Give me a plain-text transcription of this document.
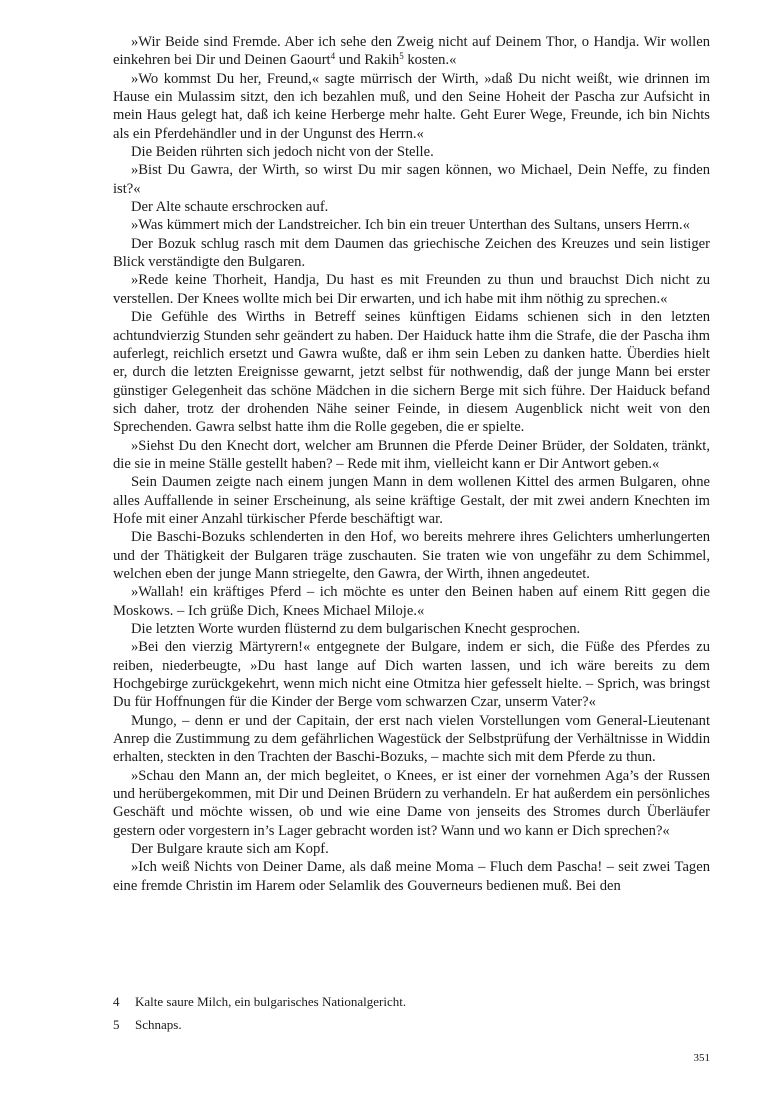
»Wir Beide sind Fremde. Aber ich sehe den Zweig nicht auf Deinem Thor, o Handja. Wir wollen einkehren bei Dir und Deinen Gaourt$^4$ und Rakih$^5$ kosten.«

»Wo kommst Du her, Freund,« sagte mürrisch der Wirth, »daß Du nicht weißt, wie drinnen im Hause ein Mulassim sitzt, den ich bezahlen muß, und den Seine Hoheit der Pascha zur Aufsicht in mein Haus gelegt hat, daß ich keine Herberge mehr halte. Geht Eurer Wege, Freunde, ich bin Nichts als ein Pferdehändler und in der Ungunst des Herrn.«

Die Beiden rührten sich jedoch nicht von der Stelle.

»Bist Du Gawra, der Wirth, so wirst Du mir sagen können, wo Michael, Dein Neffe, zu finden ist?«

Der Alte schaute erschrocken auf.

»Was kümmert mich der Landstreicher. Ich bin ein treuer Unterthan des Sultans, unsers Herrn.«

Der Bozuk schlug rasch mit dem Daumen das griechische Zeichen des Kreuzes und sein listiger Blick verständigte den Bulgaren.

»Rede keine Thorheit, Handja, Du hast es mit Freunden zu thun und brauchst Dich nicht zu verstellen. Der Knees wollte mich bei Dir erwarten, und ich habe mit ihm nöthig zu sprechen.«

Die Gefühle des Wirths in Betreff seines künftigen Eidams schienen sich in den letzten achtundvierzig Stunden sehr geändert zu haben. Der Haiduck hatte ihm die Strafe, die der Pascha ihm auferlegt, reichlich ersetzt und Gawra wußte, daß er ihm sein Leben zu danken hatte. Überdies hielt er, durch die letzten Ereignisse gewarnt, jetzt selbst für nothwendig, daß der junge Mann bei erster günstiger Gelegenheit das schöne Mädchen in die sichern Berge mit sich führe. Der Haiduck befand sich daher, trotz der drohenden Nähe seiner Feinde, in diesem Augenblick nicht weit von den Sprechenden. Gawra selbst hatte ihm die Rolle gegeben, die er spielte.

»Siehst Du den Knecht dort, welcher am Brunnen die Pferde Deiner Brüder, der Soldaten, tränkt, die sie in meine Ställe gestellt haben? – Rede mit ihm, vielleicht kann er Dir Antwort geben.«

Sein Daumen zeigte nach einem jungen Mann in dem wollenen Kittel des armen Bulgaren, ohne alles Auffallende in seiner Erscheinung, als seine kräftige Gestalt, der mit zwei andern Knechten im Hofe mit einer Anzahl türkischer Pferde beschäftigt war.

Die Baschi-Bozuks schlenderten in den Hof, wo bereits mehrere ihres Gelichters umherlungerten und der Thätigkeit der Bulgaren träge zuschauten. Sie traten wie von ungefähr zu dem Schimmel, welchen eben der junge Mann striegelte, den Gawra, der Wirth, ihnen angedeutet.

»Wallah! ein kräftiges Pferd – ich möchte es unter den Beinen haben auf einem Ritt gegen die Moskows. – Ich grüße Dich, Knees Michael Miloje.«

Die letzten Worte wurden flüsternd zu dem bulgarischen Knecht gesprochen.

»Bei den vierzig Märtyrern!« entgegnete der Bulgare, indem er sich, die Füße des Pferdes zu reiben, niederbeugte, »Du hast lange auf Dich warten lassen, und ich wäre bereits zu dem Hochgebirge zurückgekehrt, wenn mich nicht eine Otmitza hier gefesselt hielte. – Sprich, was bringst Du für Hoffnungen für die Kinder der Berge vom schwarzen Czar, unserm Vater?«

Mungo, – denn er und der Capitain, der erst nach vielen Vorstellungen vom General-Lieutenant Anrep die Zustimmung zu dem gefährlichen Wagestück der Selbstprüfung der Verhältnisse in Widdin erhalten, steckten in den Trachten der Baschi-Bozuks, – machte sich mit dem Pferde zu thun.

»Schau den Mann an, der mich begleitet, o Knees, er ist einer der vornehmen Aga’s der Russen und herübergekommen, mit Dir und Deinen Brüdern zu verhandeln. Er hat außerdem ein persönliches Geschäft und möchte wissen, ob und wie eine Dame von jenseits des Stromes durch Überläufer gestern oder vorgestern in’s Lager gebracht worden ist? Wann und wo kann er Dich sprechen?«

Der Bulgare kraute sich am Kopf.

»Ich weiß Nichts von Deiner Dame, als daß meine Moma – Fluch dem Pascha! – seit zwei Tagen eine fremde Christin im Harem oder Selamlik des Gouverneurs bedienen muß. Bei den

4	Kalte saure Milch, ein bulgarisches Nationalgericht.
5	Schnaps.
351
